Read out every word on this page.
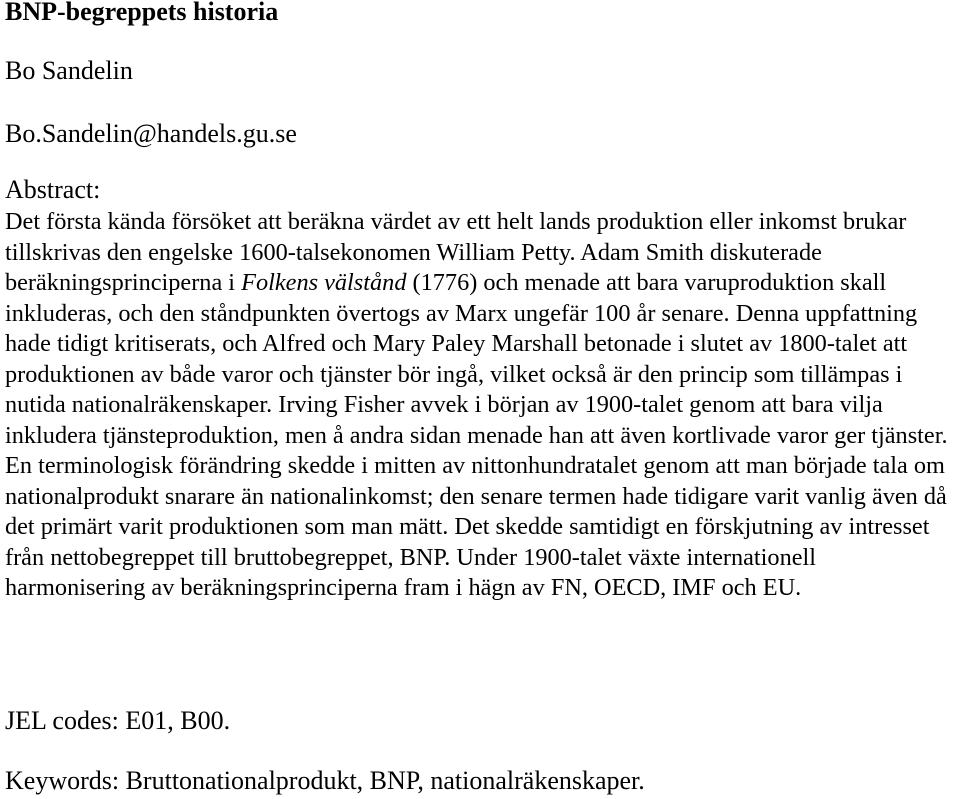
BNP-begreppets historia

Bo Sandelin

Bo.Sandelin@handels.gu.se

Abstract:

Det första kända försöket att beräkna värdet av ett helt lands produktion eller inkomst brukar tillskrivas den engelske 1600-talsekonomen William Petty. Adam Smith diskuterade beräkningsprinciperna i Folkens välstånd (1776) och menade att bara varuproduktion skall inkluderas, och den ståndpunkten övertogs av Marx ungefär 100 år senare. Denna uppfattning hade tidigt kritiserats, och Alfred och Mary Paley Marshall betonade i slutet av 1800-talet att produktionen av både varor och tjänster bör ingå, vilket också är den princip som tillämpas i nutida nationalräkenskaper. Irving Fisher avvek i början av 1900-talet genom att bara vilja inkludera tjänsteproduktion, men å andra sidan menade han att även kortlivade varor ger tjänster. En terminologisk förändring skedde i mitten av nittonhundratalet genom att man började tala om nationalprodukt snarare än nationalinkomst; den senare termen hade tidigare varit vanlig även då det primärt varit produktionen som man mätt. Det skedde samtidigt en förskjutning av intresset från nettobegreppet till bruttobegreppet, BNP. Under 1900-talet växte internationell harmonisering av beräkningsprinciperna fram i hägn av FN, OECD, IMF och EU.

JEL codes: E01, B00.

Keywords: Bruttonationalprodukt, BNP, nationalräkenskaper.
